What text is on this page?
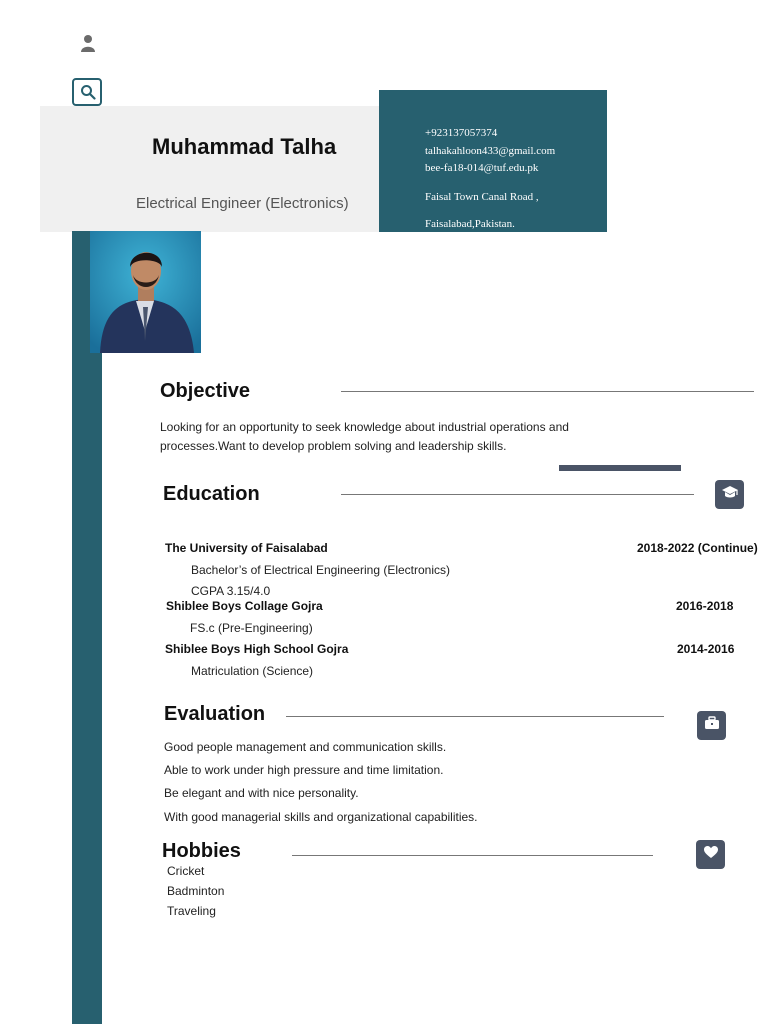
Muhammad Talha
Electrical Engineer (Electronics)
+923137057374
talhakahloon433@gmail.com
bee-fa18-014@tuf.edu.pk
Faisal Town Canal Road ,
Faisalabad,Pakistan.
Objective
Looking for an opportunity to seek knowledge about industrial operations and
processes.Want to develop problem solving and leadership skills.
Education
The University of Faisalabad	2018-2022 (Continue)
Bachelor’s of Electrical Engineering (Electronics)
CGPA 3.15/4.0
Shiblee Boys Collage Gojra	2016-2018
FS.c (Pre-Engineering)
Shiblee Boys High School Gojra	2014-2016
Matriculation (Science)
Evaluation
Good people management and communication skills.
Able to work under high pressure and time limitation.
Be elegant and with nice personality.
With good managerial skills and organizational capabilities.
Hobbies
Cricket
Badminton
Traveling
